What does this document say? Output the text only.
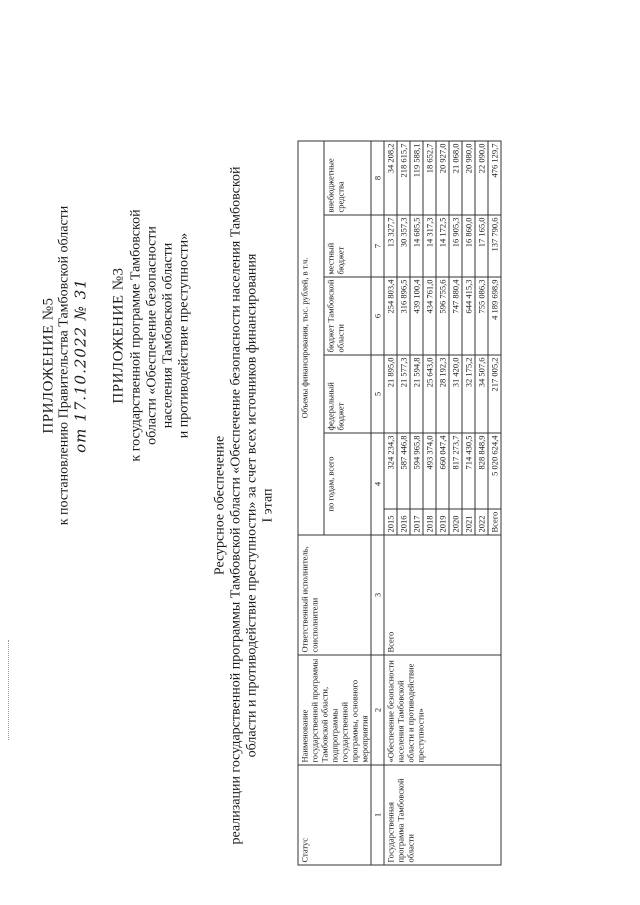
ПРИЛОЖЕНИЕ №5 к постановлению Правительства Тамбовской области от 17.10.2022 № 31 ПРИЛОЖЕНИЕ №3 к государственной программе Тамбовской области «Обеспечение безопасности населения Тамбовской области и противодействие преступности»
Ресурсное обеспечение реализации государственной программы Тамбовской области «Обеспечение безопасности населения Тамбовской области и противодействие преступности» за счет всех источников финансирования I этап
Статус	Наименование государственной программы Тамбовской области, подпрограммы государственной программы, основного мероприятия	Ответственный исполнитель, соисполнители	Объемы финансирования, тыс. рублей, в т.ч.					
			по годам, всего		федеральный бюджет	бюджет Тамбовской области	местный бюджет	внебюджетные средства
1	2	3	4		5	6	7	8
Государственная программа Тамбовской области	«Обеспечение безопасности населения Тамбовской области и противодействие преступности»	Всего	2015	324 234,3	21 895,0	254 803,4	13 327,7	34 208,2
			2016	587 446,8	21 577,3	316 896,5	30 357,3	218 615,7
			2017	594 965,8	21 594,8	439 100,4	14 685,5	119 588,1
			2018	493 374,0	25 643,0	434 761,0	14 317,3	18 652,7
			2019	660 047,4	28 192,3	596 755,6	14 172,5	20 927,0
			2020	817 273,7	31 420,0	747 880,4	16 905,3	21 068,0
			2021	714 430,5	32 175,2	644 415,3	16 860,0	20 980,0
			2022	828 848,9	34 507,6	755 086,3	17 165,0	22 090,0
			Всего	5 020 624,4	217 005,2	4 189 698,9	137 790,6	476 129,7
